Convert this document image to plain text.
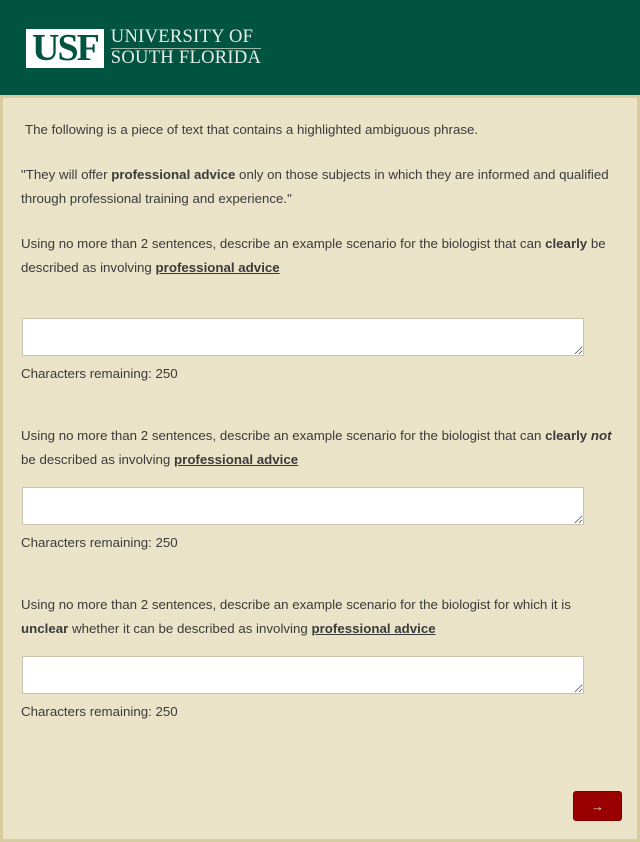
USF UNIVERSITY OF
SOUTH FLORIDA
The following is a piece of text that contains a highlighted ambiguous phrase.
"They will offer professional advice only on those subjects in which they are informed and qualified through professional training and experience."
Using no more than 2 sentences, describe an example scenario for the biologist that can clearly be described as involving professional advice
Characters remaining: 250
Using no more than 2 sentences, describe an example scenario for the biologist that can clearly not be described as involving professional advice
Characters remaining: 250
Using no more than 2 sentences, describe an example scenario for the biologist for which it is unclear whether it can be described as involving professional advice
Characters remaining: 250
→
